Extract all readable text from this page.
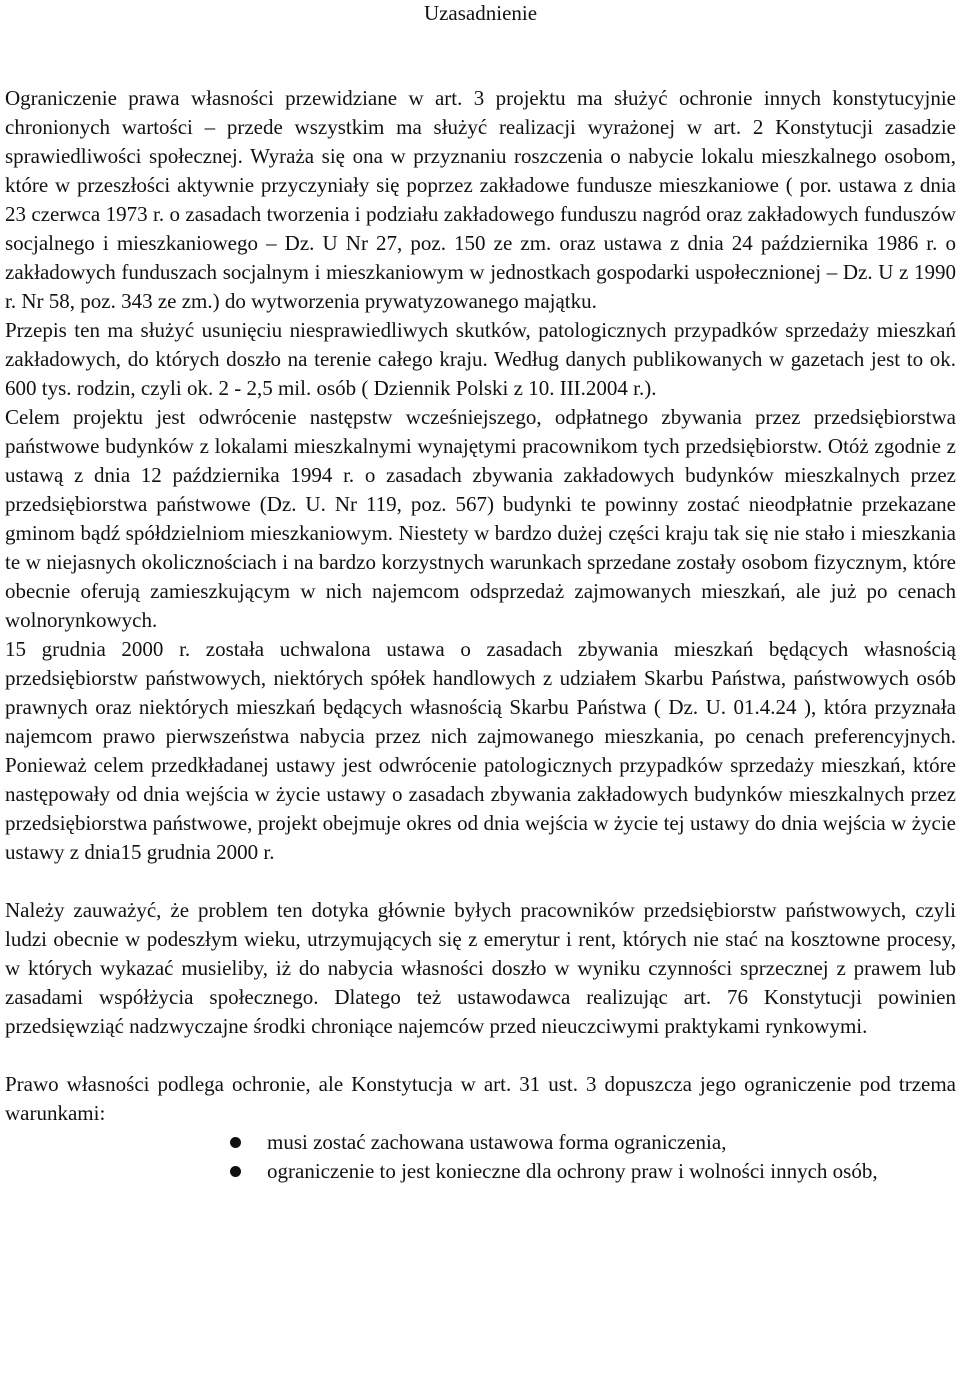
Uzasadnienie

Ograniczenie prawa własności przewidziane w art. 3 projektu ma służyć ochronie innych konstytucyjnie chronionych wartości – przede wszystkim ma służyć realizacji wyrażonej w art. 2 Konstytucji zasadzie sprawiedliwości społecznej. Wyraża się ona w przyznaniu roszczenia o nabycie lokalu mieszkalnego osobom, które w przeszłości aktywnie przyczyniały się poprzez zakładowe fundusze mieszkaniowe ( por. ustawa z dnia 23 czerwca 1973 r. o zasadach tworzenia i podziału zakładowego funduszu nagród oraz zakładowych funduszów socjalnego i mieszkaniowego – Dz. U Nr 27, poz. 150 ze zm. oraz ustawa z dnia 24 października 1986 r. o zakładowych funduszach socjalnym i mieszkaniowym w jednostkach gospodarki uspołecznionej – Dz. U z 1990 r. Nr 58, poz. 343 ze zm.) do wytworzenia prywatyzowanego majątku.

Przepis ten ma służyć usunięciu niesprawiedliwych skutków, patologicznych przypadków sprzedaży mieszkań zakładowych, do których doszło na terenie całego kraju. Według danych publikowanych w gazetach jest to ok. 600 tys. rodzin, czyli ok. 2 - 2,5 mil. osób ( Dziennik Polski z 10. III.2004 r.).

Celem projektu jest odwrócenie następstw wcześniejszego, odpłatnego zbywania przez przedsiębiorstwa państwowe budynków z lokalami mieszkalnymi wynajętymi pracownikom tych przedsiębiorstw. Otóż zgodnie z ustawą z dnia 12 października 1994 r. o zasadach zbywania zakładowych budynków mieszkalnych przez przedsiębiorstwa państwowe (Dz. U. Nr 119, poz. 567) budynki te powinny zostać nieodpłatnie przekazane gminom bądź spółdzielniom mieszkaniowym. Niestety w bardzo dużej części kraju tak się nie stało i mieszkania te w niejasnych okolicznościach i na bardzo korzystnych warunkach sprzedane zostały osobom fizycznym, które obecnie oferują zamieszkującym w nich najemcom odsprzedaż zajmowanych mieszkań, ale już po cenach wolnorynkowych.

15 grudnia 2000 r. została uchwalona ustawa o zasadach zbywania mieszkań będących własnością przedsiębiorstw państwowych, niektórych spółek handlowych z udziałem Skarbu Państwa, państwowych osób prawnych oraz niektórych mieszkań będących własnością Skarbu Państwa ( Dz. U. 01.4.24 ), która przyznała najemcom prawo pierwszeństwa nabycia przez nich zajmowanego mieszkania, po cenach preferencyjnych. Ponieważ celem przedkładanej ustawy jest odwrócenie patologicznych przypadków sprzedaży mieszkań, które następowały od dnia wejścia w życie ustawy o zasadach zbywania zakładowych budynków mieszkalnych przez przedsiębiorstwa państwowe, projekt obejmuje okres od dnia wejścia w życie tej ustawy do dnia wejścia w życie ustawy z dnia15 grudnia 2000 r.

Należy zauważyć, że problem ten dotyka głównie byłych pracowników przedsiębiorstw państwowych, czyli ludzi obecnie w podeszłym wieku, utrzymujących się z emerytur i rent, których nie stać na kosztowne procesy, w których wykazać musieliby, iż do nabycia własności doszło w wyniku czynności sprzecznej z prawem lub zasadami współżycia społecznego. Dlatego też ustawodawca realizując art. 76 Konstytucji powinien przedsięwziąć nadzwyczajne środki chroniące najemców przed nieuczciwymi praktykami rynkowymi.

Prawo własności podlega ochronie, ale Konstytucja w art. 31 ust. 3 dopuszcza jego ograniczenie pod trzema warunkami:

musi zostać zachowana ustawowa forma ograniczenia,
ograniczenie to jest konieczne dla ochrony praw i wolności innych osób,
